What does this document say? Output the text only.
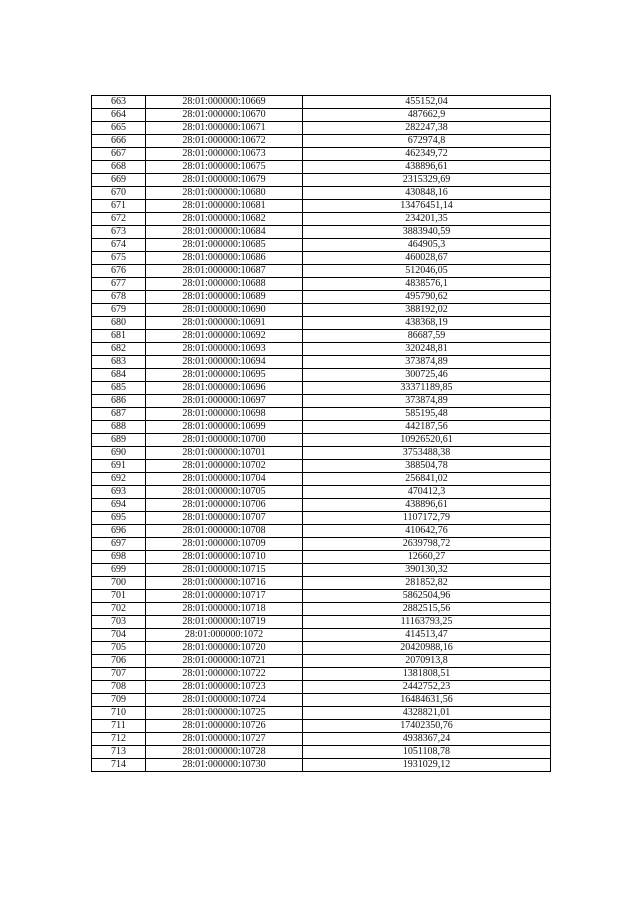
663	28:01:000000:10669	455152,04
664	28:01:000000:10670	487662,9
665	28:01:000000:10671	282247,38
666	28:01:000000:10672	672974,8
667	28:01:000000:10673	462349,72
668	28:01:000000:10675	438896,61
669	28:01:000000:10679	2315329,69
670	28:01:000000:10680	430848,16
671	28:01:000000:10681	13476451,14
672	28:01:000000:10682	234201,35
673	28:01:000000:10684	3883940,59
674	28:01:000000:10685	464905,3
675	28:01:000000:10686	460028,67
676	28:01:000000:10687	512046,05
677	28:01:000000:10688	4838576,1
678	28:01:000000:10689	495790,62
679	28:01:000000:10690	388192,02
680	28:01:000000:10691	438368,19
681	28:01:000000:10692	86687,59
682	28:01:000000:10693	320248,81
683	28:01:000000:10694	373874,89
684	28:01:000000:10695	300725,46
685	28:01:000000:10696	33371189,85
686	28:01:000000:10697	373874,89
687	28:01:000000:10698	585195,48
688	28:01:000000:10699	442187,56
689	28:01:000000:10700	10926520,61
690	28:01:000000:10701	3753488,38
691	28:01:000000:10702	388504,78
692	28:01:000000:10704	256841,02
693	28:01:000000:10705	470412,3
694	28:01:000000:10706	438896,61
695	28:01:000000:10707	1107172,79
696	28:01:000000:10708	410642,76
697	28:01:000000:10709	2639798,72
698	28:01:000000:10710	12660,27
699	28:01:000000:10715	390130,32
700	28:01:000000:10716	281852,82
701	28:01:000000:10717	5862504,96
702	28:01:000000:10718	2882515,56
703	28:01:000000:10719	11163793,25
704	28:01:000000:1072	414513,47
705	28:01:000000:10720	20420988,16
706	28:01:000000:10721	2070913,8
707	28:01:000000:10722	1381808,51
708	28:01:000000:10723	2442752,23
709	28:01:000000:10724	16484631,56
710	28:01:000000:10725	4328821,01
711	28:01:000000:10726	17402350,76
712	28:01:000000:10727	4938367,24
713	28:01:000000:10728	1051108,78
714	28:01:000000:10730	1931029,12
